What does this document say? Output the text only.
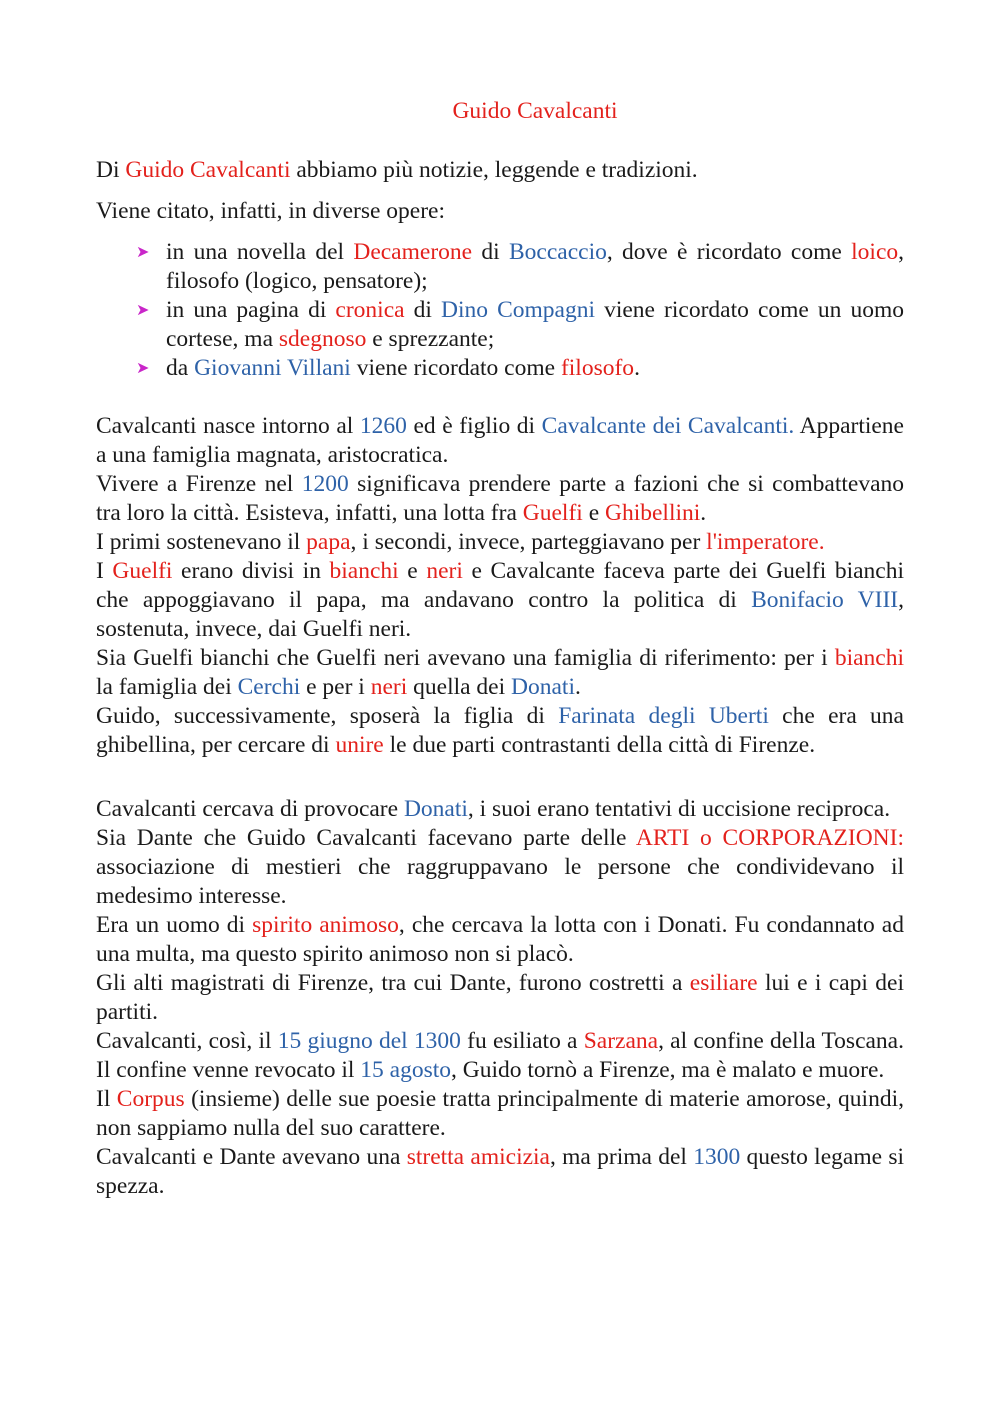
Guido Cavalcanti

Di Guido Cavalcanti abbiamo più notizie, leggende e tradizioni.

Viene citato, infatti, in diverse opere:

➤ in una novella del Decamerone di Boccaccio, dove è ricordato come loico, filosofo (logico, pensatore);
➤ in una pagina di cronica di Dino Compagni viene ricordato come un uomo cortese, ma sdegnoso e sprezzante;
➤ da Giovanni Villani viene ricordato come filosofo.

Cavalcanti nasce intorno al 1260 ed è figlio di Cavalcante dei Cavalcanti. Appartiene a una famiglia magnata, aristocratica.

Vivere a Firenze nel 1200 significava prendere parte a fazioni che si combattevano tra loro la città. Esisteva, infatti, una lotta fra Guelfi e Ghibellini.

I primi sostenevano il papa, i secondi, invece, parteggiavano per l'imperatore.

I Guelfi erano divisi in bianchi e neri e Cavalcante faceva parte dei Guelfi bianchi che appoggiavano il papa, ma andavano contro la politica di Bonifacio VIII, sostenuta, invece, dai Guelfi neri.

Sia Guelfi bianchi che Guelfi neri avevano una famiglia di riferimento: per i bianchi la famiglia dei Cerchi e per i neri quella dei Donati.

Guido, successivamente, sposerà la figlia di Farinata degli Uberti che era una ghibellina, per cercare di unire le due parti contrastanti della città di Firenze.

Cavalcanti cercava di provocare Donati, i suoi erano tentativi di uccisione reciproca.

Sia Dante che Guido Cavalcanti facevano parte delle ARTI o CORPORAZIONI: associazione di mestieri che raggruppavano le persone che condividevano il medesimo interesse.

Era un uomo di spirito animoso, che cercava la lotta con i Donati. Fu condannato ad una multa, ma questo spirito animoso non si placò.

Gli alti magistrati di Firenze, tra cui Dante, furono costretti a esiliare lui e i capi dei partiti.

Cavalcanti, così, il 15 giugno del 1300 fu esiliato a Sarzana, al confine della Toscana. Il confine venne revocato il 15 agosto, Guido tornò a Firenze, ma è malato e muore.

Il Corpus (insieme) delle sue poesie tratta principalmente di materie amorose, quindi, non sappiamo nulla del suo carattere.

Cavalcanti e Dante avevano una stretta amicizia, ma prima del 1300 questo legame si spezza.
